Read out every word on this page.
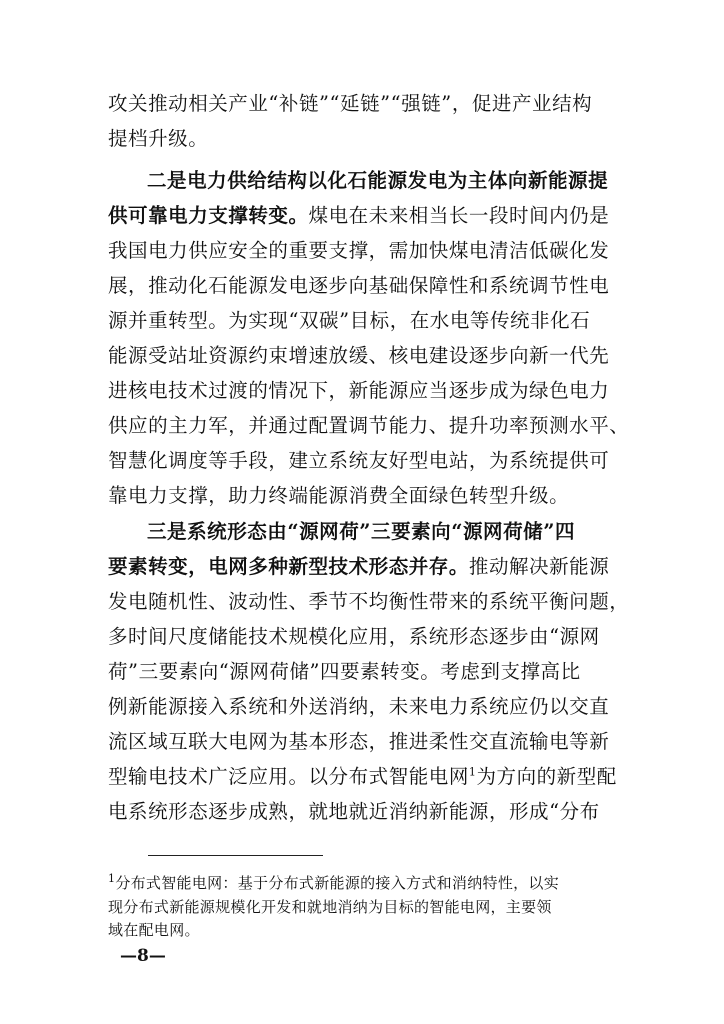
攻关推动相关产业“补链”“延链”“强链”，促进产业结构
提档升级。
二是电力供给结构以化石能源发电为主体向新能源提
供可靠电力支撑转变。煤电在未来相当长一段时间内仍是
我国电力供应安全的重要支撑，需加快煤电清洁低碳化发
展，推动化石能源发电逐步向基础保障性和系统调节性电
源并重转型。为实现“双碳”目标，在水电等传统非化石
能源受站址资源约束增速放缓、核电建设逐步向新一代先
进核电技术过渡的情况下，新能源应当逐步成为绿色电力
供应的主力军，并通过配置调节能力、提升功率预测水平、
智慧化调度等手段，建立系统友好型电站，为系统提供可
靠电力支撑，助力终端能源消费全面绿色转型升级。
三是系统形态由“源网荷”三要素向“源网荷储”四
要素转变，电网多种新型技术形态并存。推动解决新能源
发电随机性、波动性、季节不均衡性带来的系统平衡问题，
多时间尺度储能技术规模化应用，系统形态逐步由“源网
荷”三要素向“源网荷储”四要素转变。考虑到支撑高比
例新能源接入系统和外送消纳，未来电力系统应仍以交直
流区域互联大电网为基本形态，推进柔性交直流输电等新
型输电技术广泛应用。以分布式智能电网$^1$为方向的新型配
电系统形态逐步成熟，就地就近消纳新能源，形成“分布
$^1$分布式智能电网：基于分布式新能源的接入方式和消纳特性，以实
现分布式新能源规模化开发和就地消纳为目标的智能电网，主要领
域在配电网。
—8—
